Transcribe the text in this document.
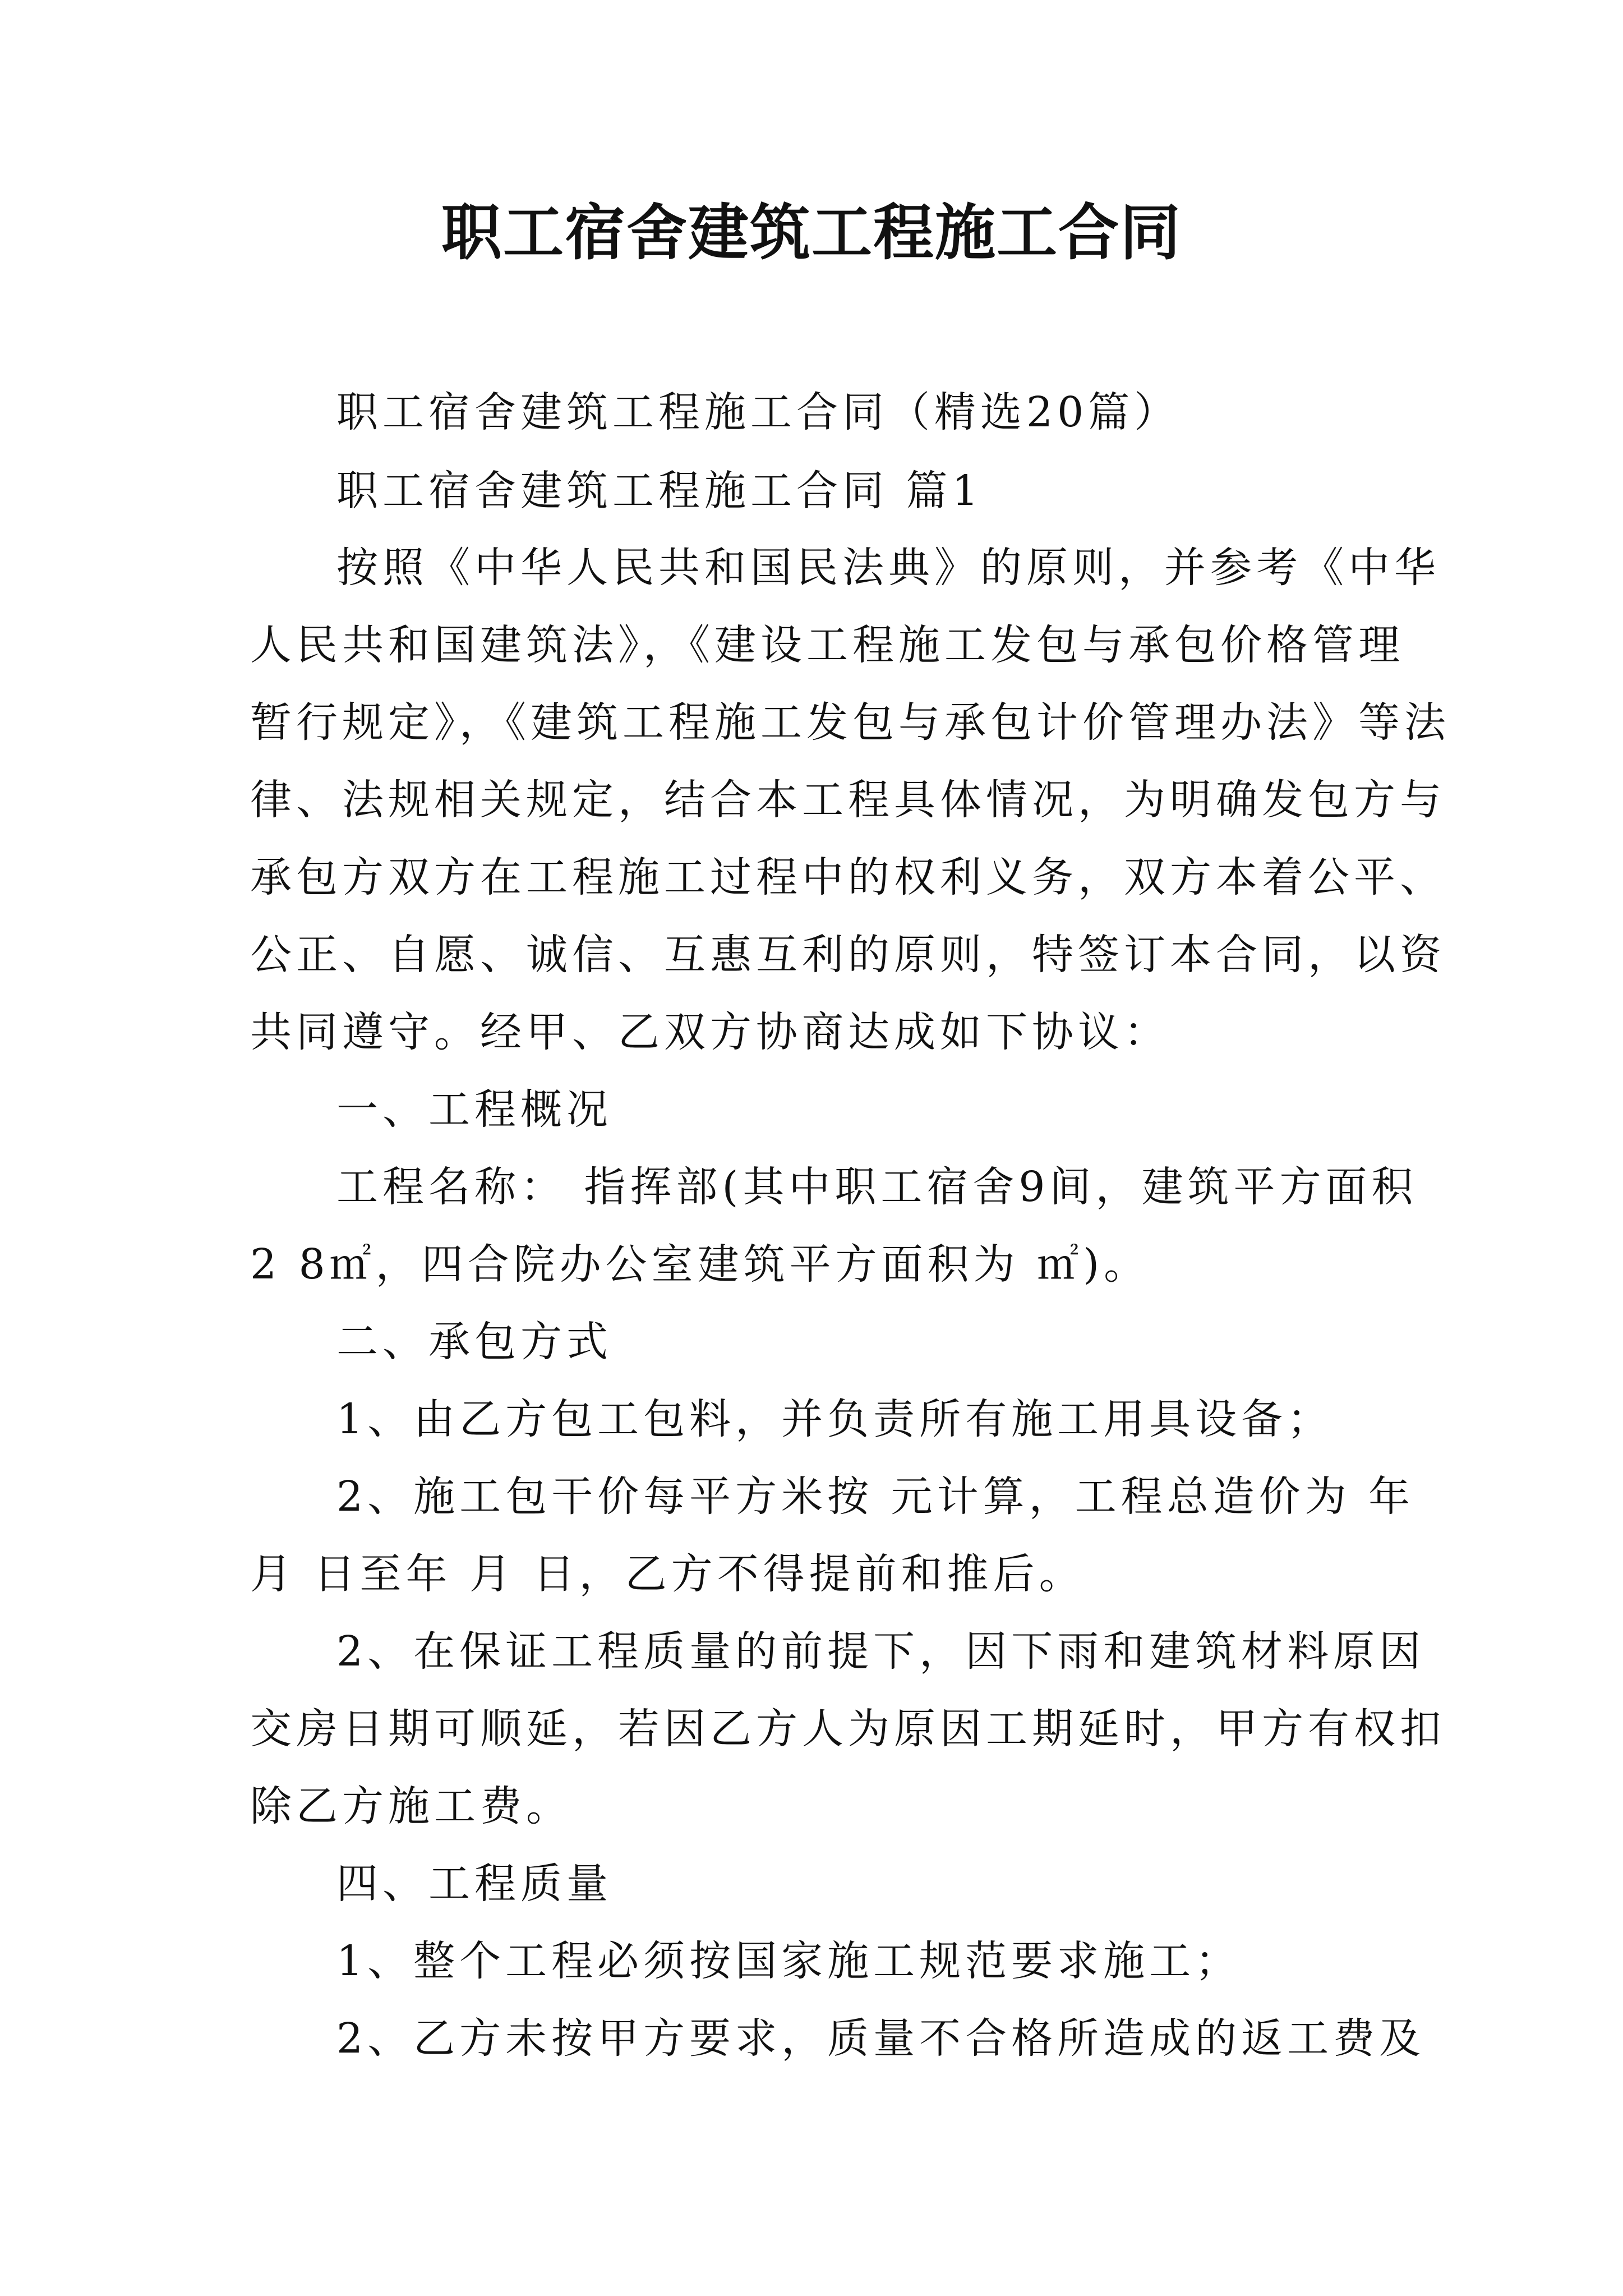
职工宿舍建筑工程施工合同
职工宿舍建筑工程施工合同（精选20篇）
职工宿舍建筑工程施工合同 篇1
按照《中华人民共和国民法典》的原则，并参考《中华
人民共和国建筑法》，《建设工程施工发包与承包价格管理
暂行规定》，《建筑工程施工发包与承包计价管理办法》等法
律、法规相关规定，结合本工程具体情况，为明确发包方与
承包方双方在工程施工过程中的权利义务，双方本着公平、
公正、自愿、诚信、互惠互利的原则，特签订本合同，以资
共同遵守。经甲、乙双方协商达成如下协议：
一、工程概况
工程名称： 指挥部(其中职工宿舍9间，建筑平方面积
2 8㎡，四合院办公室建筑平方面积为 ㎡)。
二、承包方式
1、由乙方包工包料，并负责所有施工用具设备；
2、施工包干价每平方米按 元计算，工程总造价为 年
月 日至年 月 日，乙方不得提前和推后。
2、在保证工程质量的前提下，因下雨和建筑材料原因
交房日期可顺延，若因乙方人为原因工期延时，甲方有权扣
除乙方施工费。
四、工程质量
1、整个工程必须按国家施工规范要求施工；
2、乙方未按甲方要求，质量不合格所造成的返工费及
